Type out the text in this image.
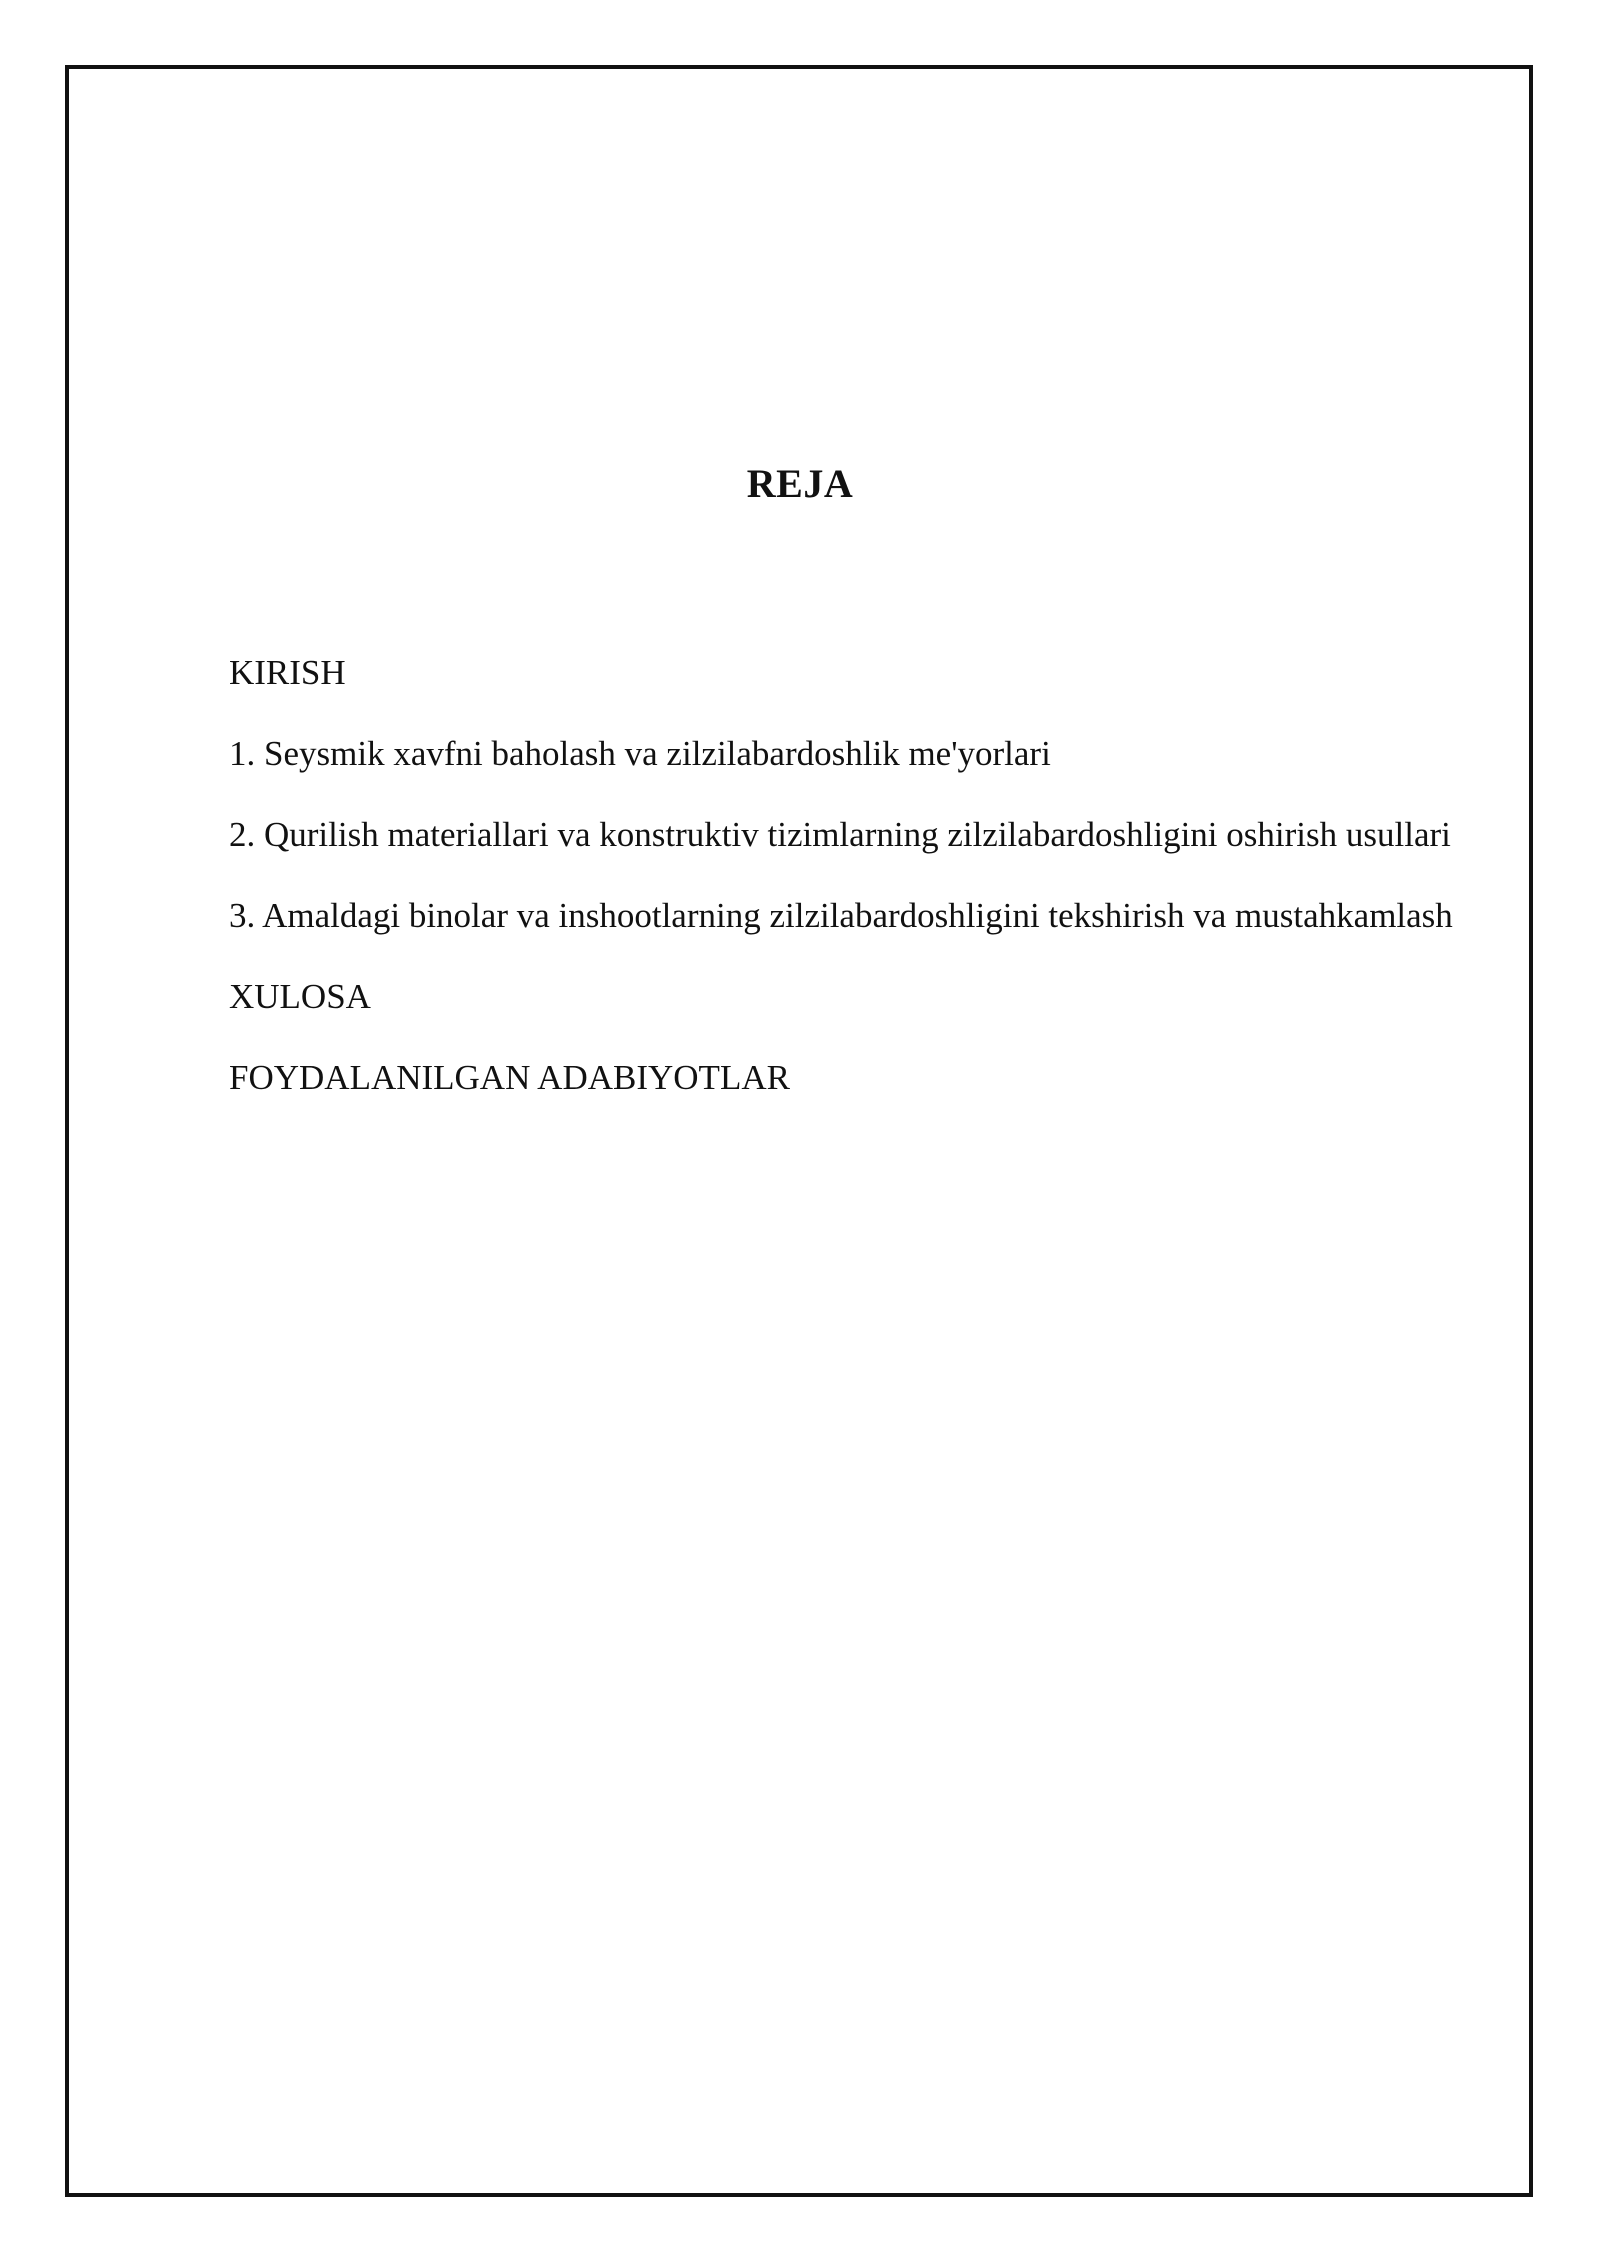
REJA
KIRISH
1. Seysmik xavfni baholash va zilzilabardoshlik me'yorlari
2. Qurilish materiallari va konstruktiv tizimlarning zilzilabardoshligini oshirish usullari
3. Amaldagi binolar va inshootlarning zilzilabardoshligini tekshirish va mustahkamlash
XULOSA
FOYDALANILGAN ADABIYOTLAR
